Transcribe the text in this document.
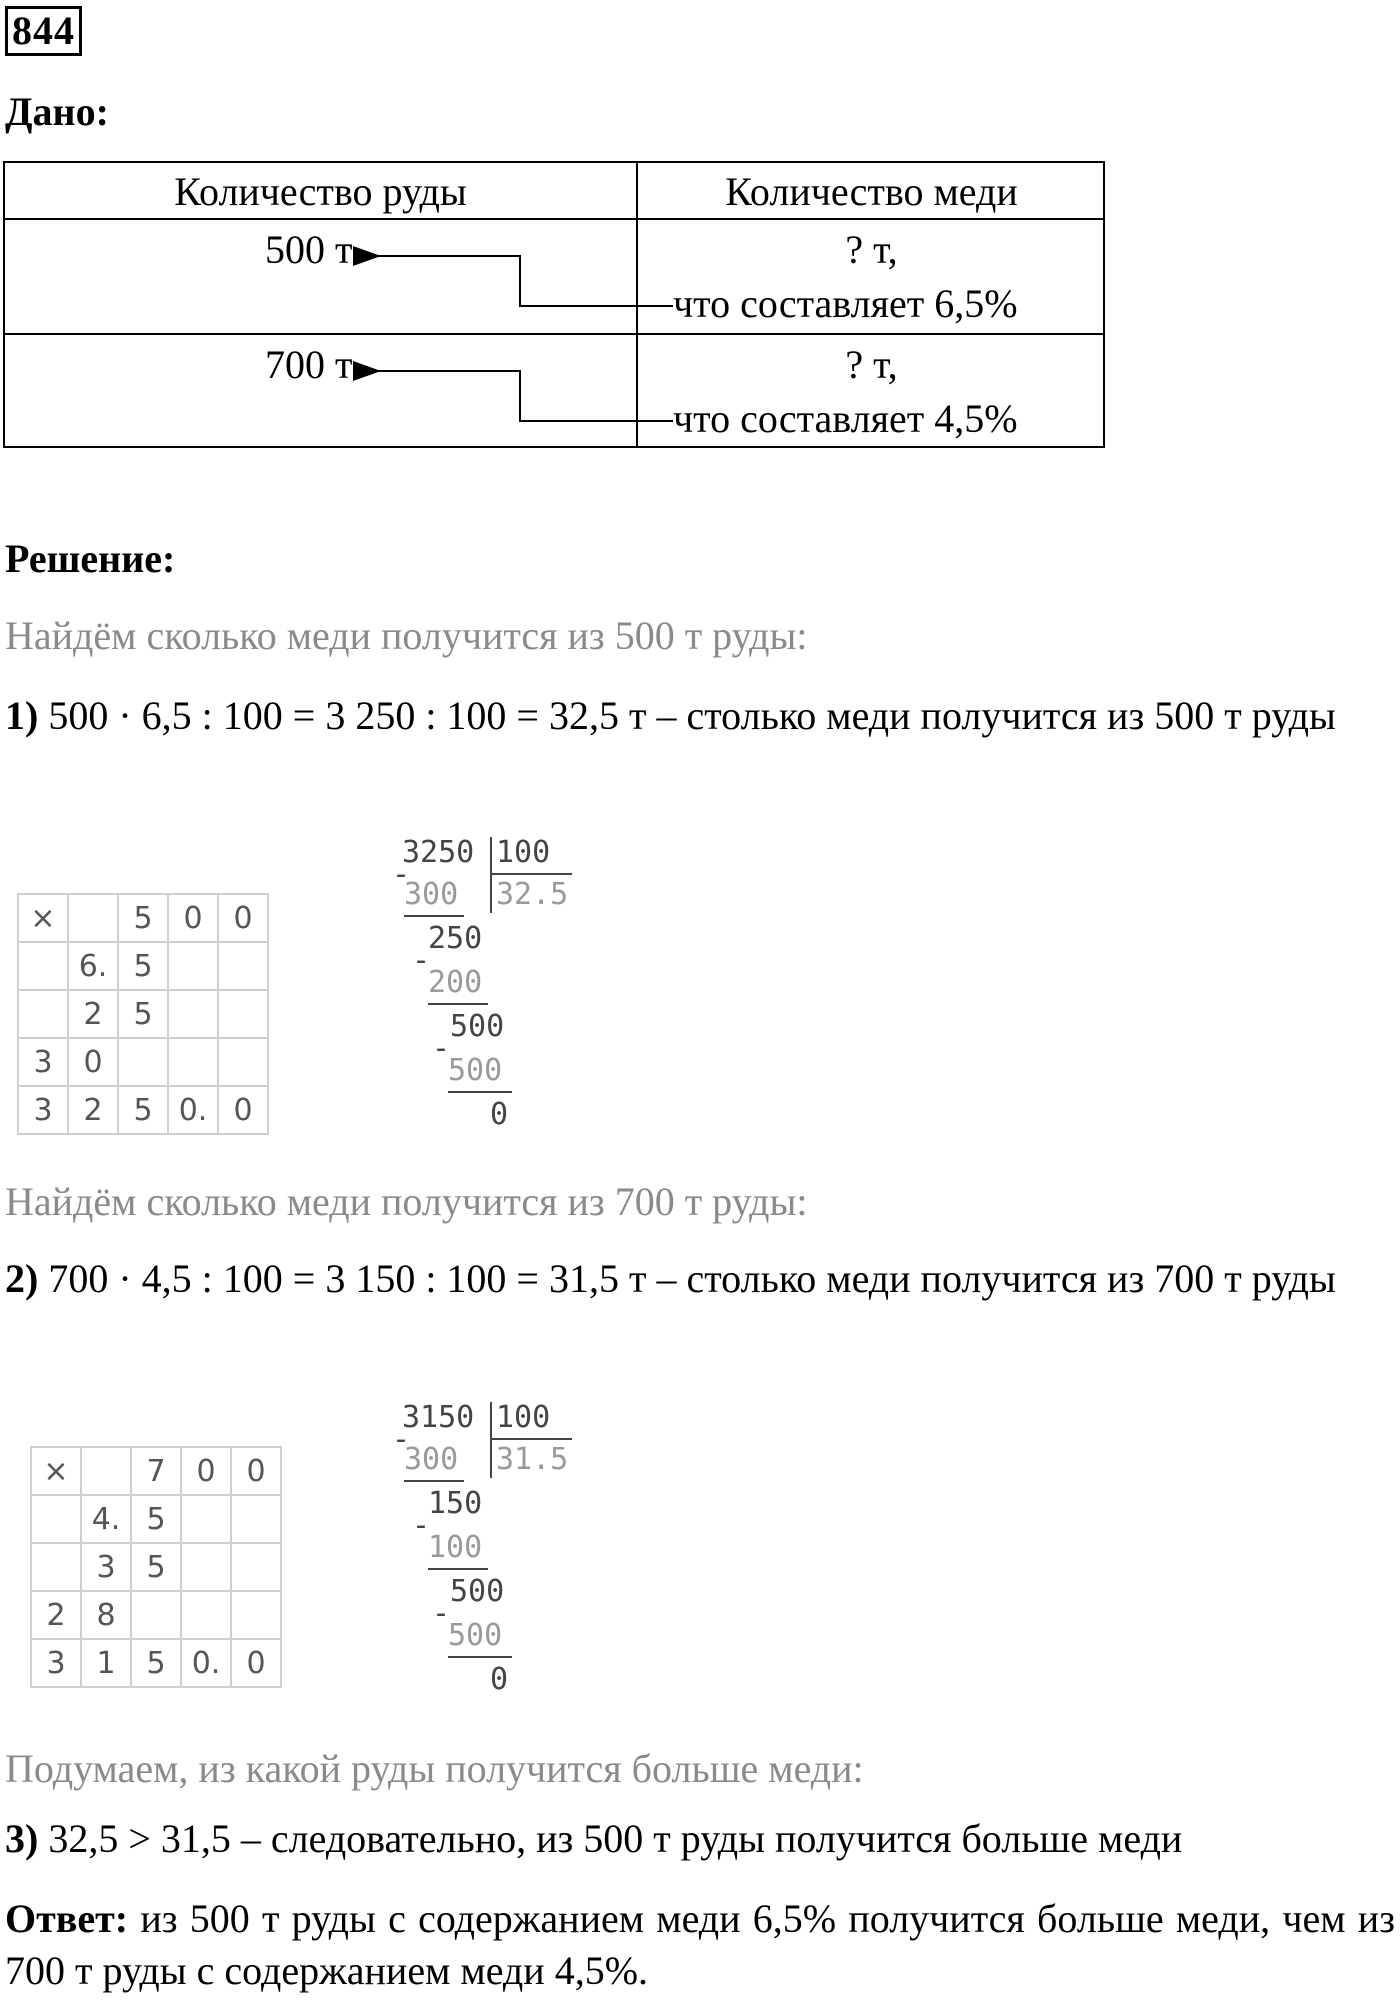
844
Дано:
Количество руды	Количество меди
500 т	? т,
что составляет 6,5%
700 т	? т,
что составляет 4,5%
Решение:
Найдём сколько меди получится из 500 т руды:
1) 500 · 6,5 : 100 = 3 250 : 100 = 32,5 т – столько меди получится из 500 т руды
×		5	0	0
	6.	5		
	2	5		
3	0			
3	2	5	0.	0
3250 100
-
300 32.5
250
-
200
500
-
500
0
Найдём сколько меди получится из 700 т руды:
2) 700 · 4,5 : 100 = 3 150 : 100 = 31,5 т – столько меди получится из 700 т руды
×		7	0	0
	4.	5		
	3	5		
2	8			
3	1	5	0.	0
3150 100
-
300 31.5
150
-
100
500
-
500
0
Подумаем, из какой руды получится больше меди:
3) 32,5 > 31,5 – следовательно, из 500 т руды получится больше меди
Ответ: из 500 т руды с содержанием меди 6,5% получится больше меди, чем из 700 т руды с содержанием меди 4,5%.
